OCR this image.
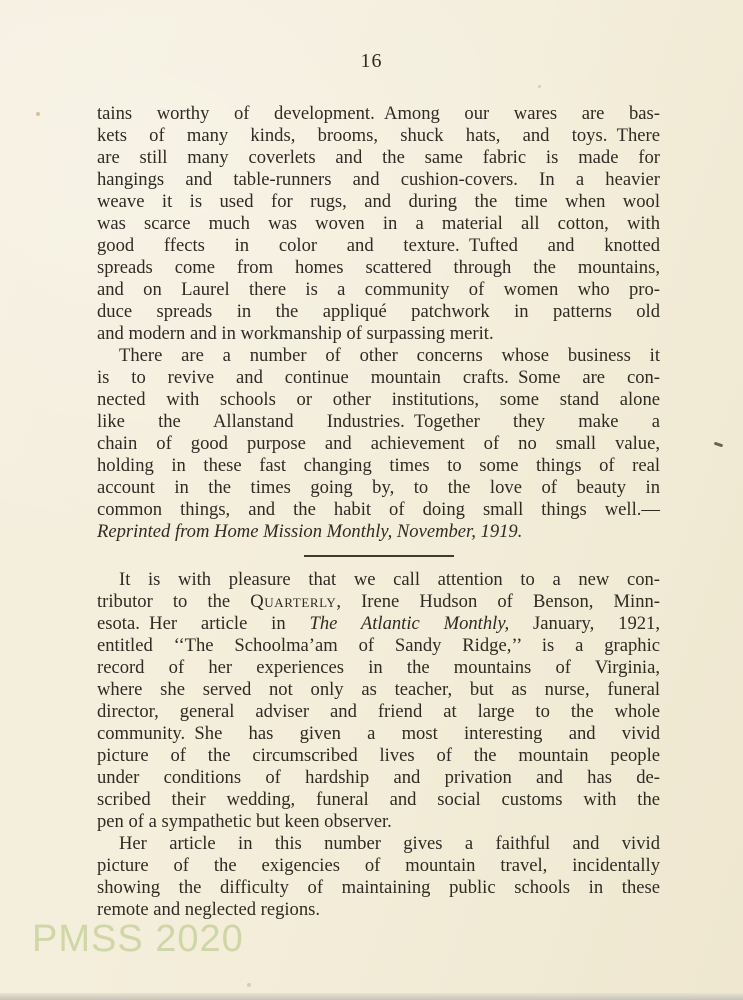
16
tains worthy of development. Among our wares are bas-
kets of many kinds, brooms, shuck hats, and toys. There
are still many coverlets and the same fabric is made for
hangings and table-runners and cushion-covers. In a heavier
weave it is used for rugs, and during the time when wool
was scarce much was woven in a material all cotton, with
good ffects in color and texture. Tufted and knotted
spreads come from homes scattered through the mountains,
and on Laurel there is a community of women who pro-
duce spreads in the appliqué patchwork in patterns old
and modern and in workmanship of surpassing merit.
There are a number of other concerns whose business it
is to revive and continue mountain crafts. Some are con-
nected with schools or other institutions, some stand alone
like the Allanstand Industries. Together they make a
chain of good purpose and achievement of no small value,
holding in these fast changing times to some things of real
account in the times going by, to the love of beauty in
common things, and the habit of doing small things well.—
Reprinted from Home Mission Monthly, November, 1919.
It is with pleasure that we call attention to a new con-
tributor to the Quarterly, Irene Hudson of Benson, Minn-
esota. Her article in The Atlantic Monthly, January, 1921,
entitled ‘‘The Schoolma’am of Sandy Ridge,’’ is a graphic
record of her experiences in the mountains of Virginia,
where she served not only as teacher, but as nurse, funeral
director, general adviser and friend at large to the whole
community. She has given a most interesting and vivid
picture of the circumscribed lives of the mountain people
under conditions of hardship and privation and has de-
scribed their wedding, funeral and social customs with the
pen of a sympathetic but keen observer.
Her article in this number gives a faithful and vivid
picture of the exigencies of mountain travel, incidentally
showing the difficulty of maintaining public schools in these
remote and neglected regions.
PMSS 2020
